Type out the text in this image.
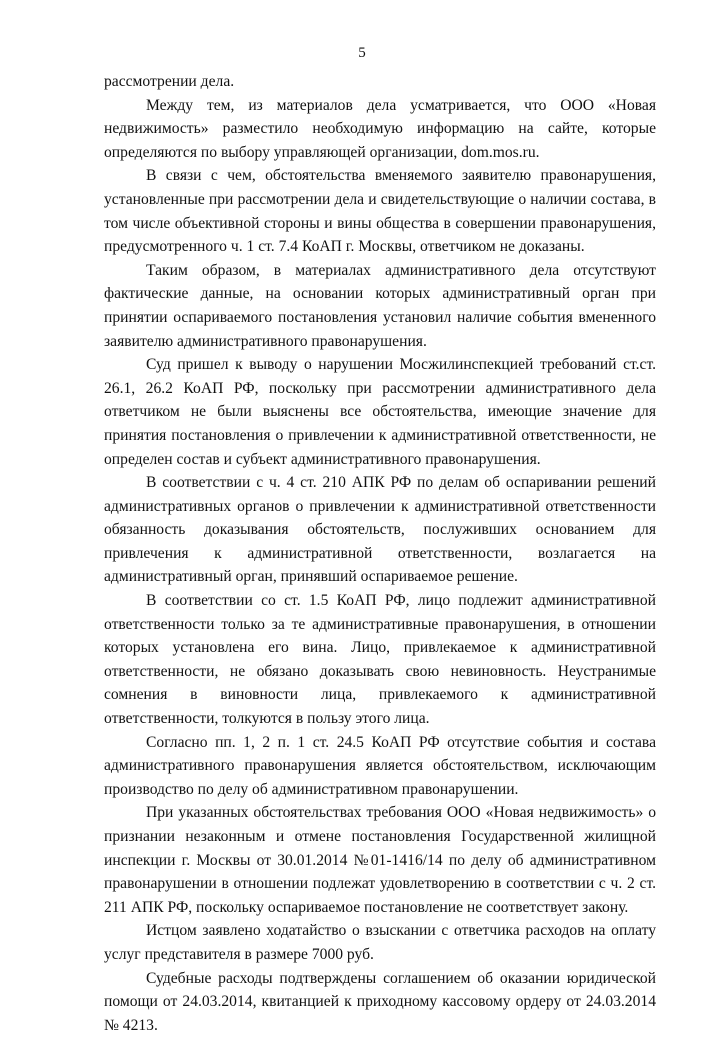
5

рассмотрении дела.

Между тем, из материалов дела усматривается, что ООО «Новая недвижимость» разместило необходимую информацию на сайте, которые определяются по выбору управляющей организации, dom.mos.ru.

В связи с чем, обстоятельства вменяемого заявителю правонарушения, установленные при рассмотрении дела и свидетельствующие о наличии состава, в том числе объективной стороны и вины общества в совершении правонарушения, предусмотренного ч. 1 ст. 7.4 КоАП г. Москвы, ответчиком не доказаны.

Таким образом, в материалах административного дела отсутствуют фактические данные, на основании которых административный орган при принятии оспариваемого постановления установил наличие события вмененного заявителю административного правонарушения.

Суд пришел к выводу о нарушении Мосжилинспекцией требований ст.ст. 26.1, 26.2 КоАП РФ, поскольку при рассмотрении административного дела ответчиком не были выяснены все обстоятельства, имеющие значение для принятия постановления о привлечении к административной ответственности, не определен состав и субъект административного правонарушения.

В соответствии с ч. 4 ст. 210 АПК РФ по делам об оспаривании решений административных органов о привлечении к административной ответственности обязанность доказывания обстоятельств, послуживших основанием для привлечения к административной ответственности, возлагается на административный орган, принявший оспариваемое решение.

В соответствии со ст. 1.5 КоАП РФ, лицо подлежит административной ответственности только за те административные правонарушения, в отношении которых установлена его вина. Лицо, привлекаемое к административной ответственности, не обязано доказывать свою невиновность. Неустранимые сомнения в виновности лица, привлекаемого к административной ответственности, толкуются в пользу этого лица.

Согласно пп. 1, 2 п. 1 ст. 24.5 КоАП РФ отсутствие события и состава административного правонарушения является обстоятельством, исключающим производство по делу об административном правонарушении.

При указанных обстоятельствах требования ООО «Новая недвижимость» о признании незаконным и отмене постановления Государственной жилищной инспекции г. Москвы от 30.01.2014 №01-1416/14 по делу об административном правонарушении в отношении подлежат удовлетворению в соответствии с ч. 2 ст. 211 АПК РФ, поскольку оспариваемое постановление не соответствует закону.

Истцом заявлено ходатайство о взыскании с ответчика расходов на оплату услуг представителя в размере 7000 руб.

Судебные расходы подтверждены соглашением об оказании юридической помощи от 24.03.2014, квитанцией к приходному кассовому ордеру от 24.03.2014 № 4213.
